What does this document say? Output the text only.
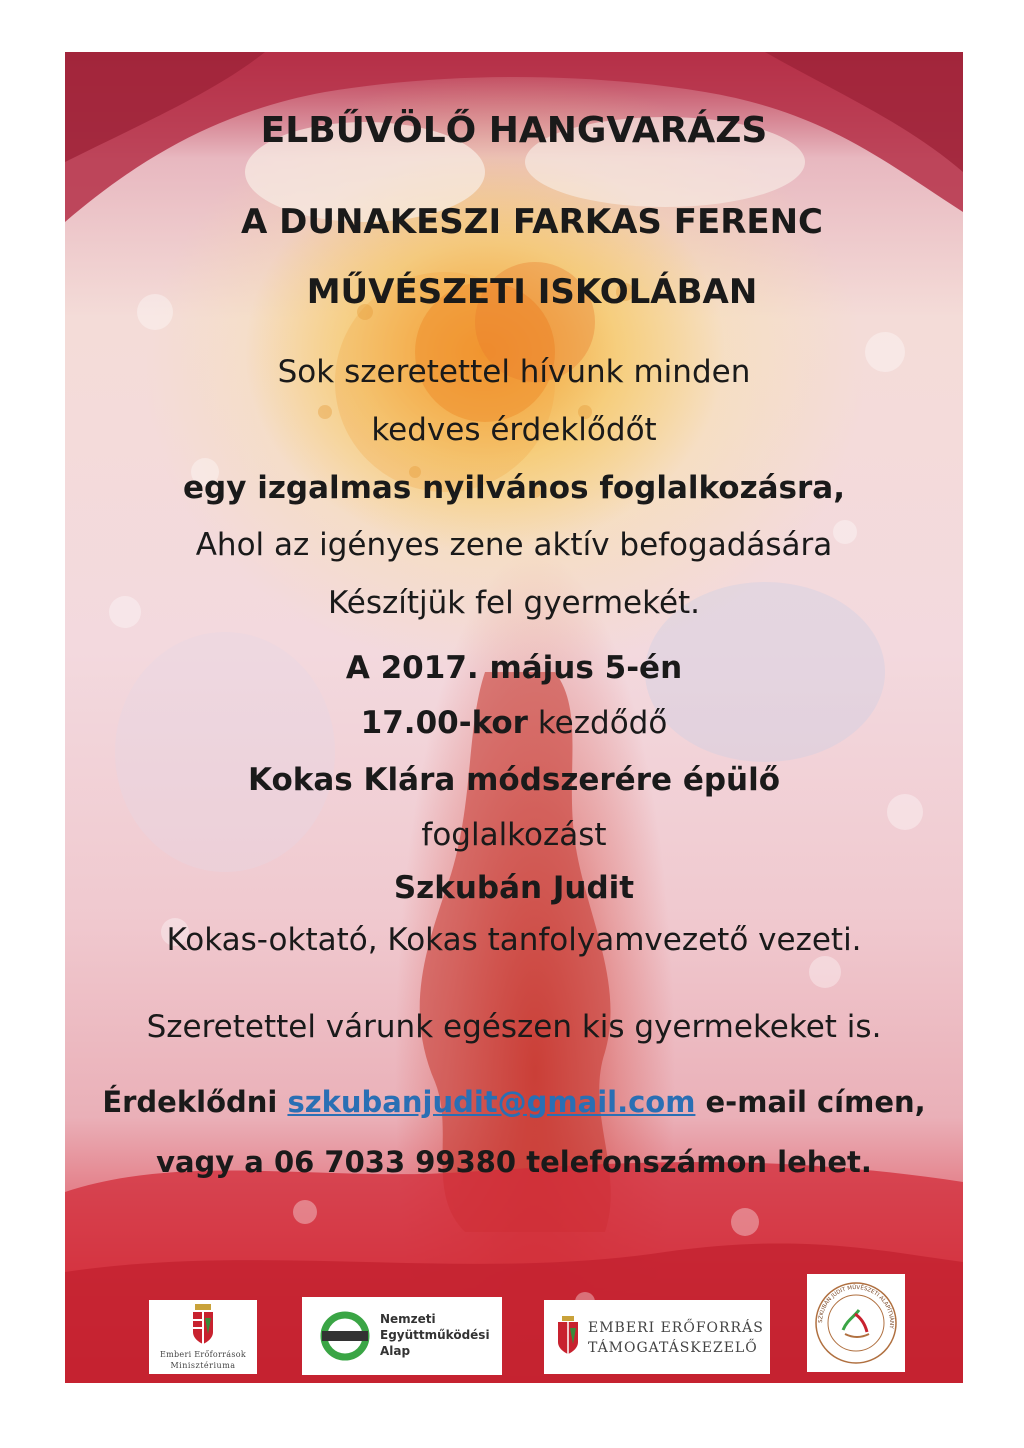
ELBŰVÖLŐ HANGVARÁZS

A DUNAKESZI FARKAS FERENC

MŰVÉSZETI ISKOLÁBAN

Sok szeretettel hívunk minden

kedves érdeklődőt

egy izgalmas nyilvános foglalkozásra,

Ahol az igényes zene aktív befogadására

Készítjük fel gyermekét.

A 2017. május 5-én

17.00-kor kezdődő

Kokas Klára módszerére épülő

foglalkozást

Szkubán Judit

Kokas-oktató, Kokas tanfolyamvezető vezeti.

Szeretettel várunk egészen kis gyermekeket is.

Érdeklődni szkubanjudit@gmail.com e-mail címen,

vagy a 06 7033 99380 telefonszámon lehet.

Emberi Erőforrások
Minisztériuma
Nemzeti
Együttműködési
Alap
EMBERI ERŐFORRÁS
TÁMOGATÁSKEZELŐ
SZKUBÁN JUDIT MŰVÉSZETI ALAPÍTVÁNY
